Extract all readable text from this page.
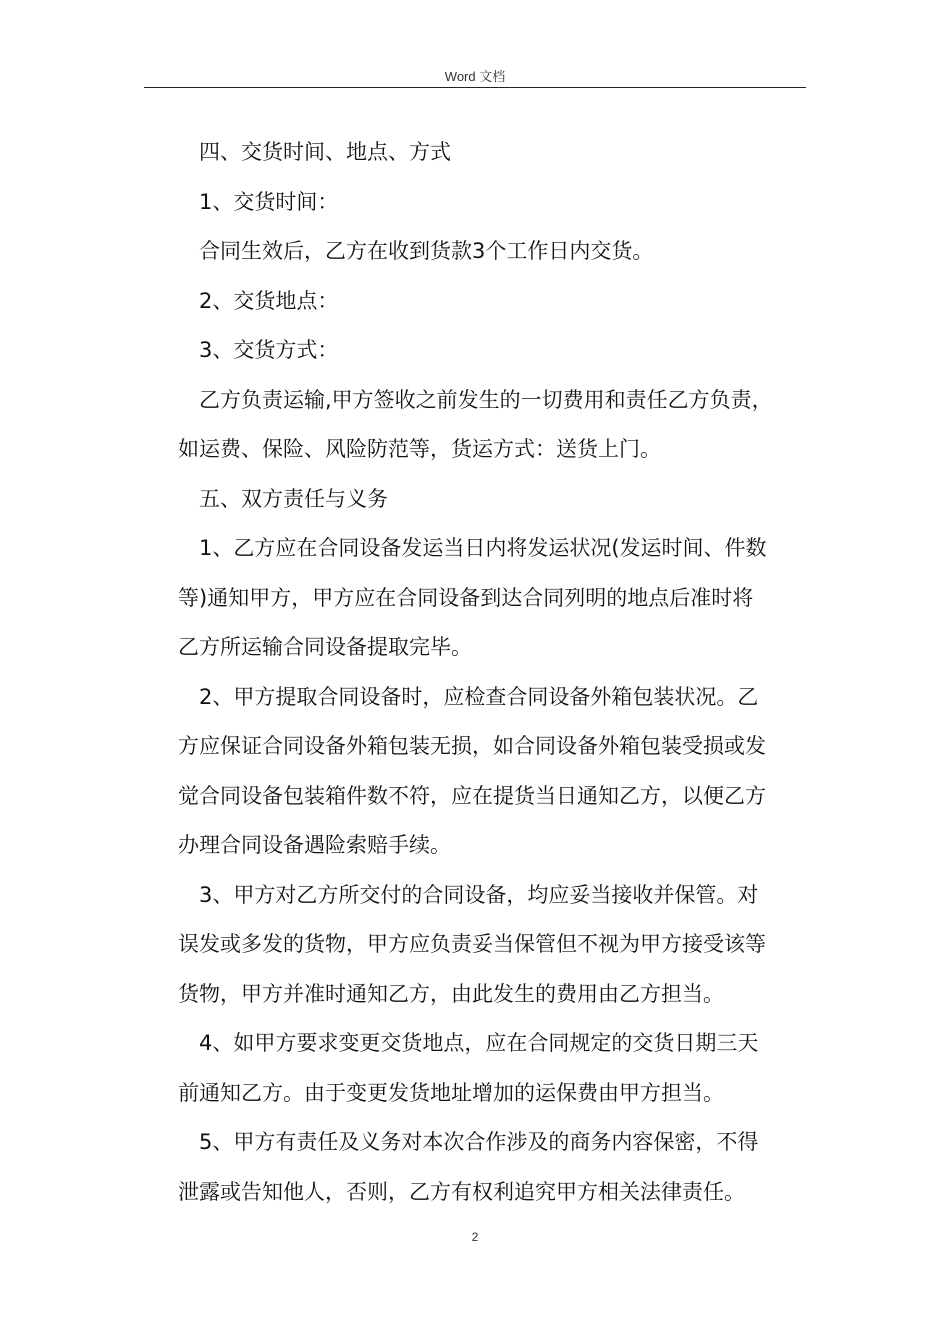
Word 文档

四、交货时间、地点、方式

1、交货时间：

合同生效后，乙方在收到货款3个工作日内交货。

2、交货地点：

3、交货方式：

乙方负责运输,甲方签收之前发生的一切费用和责任乙方负责，
如运费、保险、风险防范等，货运方式：送货上门。

五、双方责任与义务

1、乙方应在合同设备发运当日内将发运状况(发运时间、件数
等)通知甲方，甲方应在合同设备到达合同列明的地点后准时将
乙方所运输合同设备提取完毕。

2、甲方提取合同设备时，应检查合同设备外箱包装状况。乙
方应保证合同设备外箱包装无损，如合同设备外箱包装受损或发
觉合同设备包装箱件数不符，应在提货当日通知乙方，以便乙方
办理合同设备遇险索赔手续。

3、甲方对乙方所交付的合同设备，均应妥当接收并保管。对
误发或多发的货物，甲方应负责妥当保管但不视为甲方接受该等
货物，甲方并准时通知乙方，由此发生的费用由乙方担当。

4、如甲方要求变更交货地点，应在合同规定的交货日期三天
前通知乙方。由于变更发货地址增加的运保费由甲方担当。

5、甲方有责任及义务对本次合作涉及的商务内容保密，不得
泄露或告知他人，否则，乙方有权利追究甲方相关法律责任。

2
